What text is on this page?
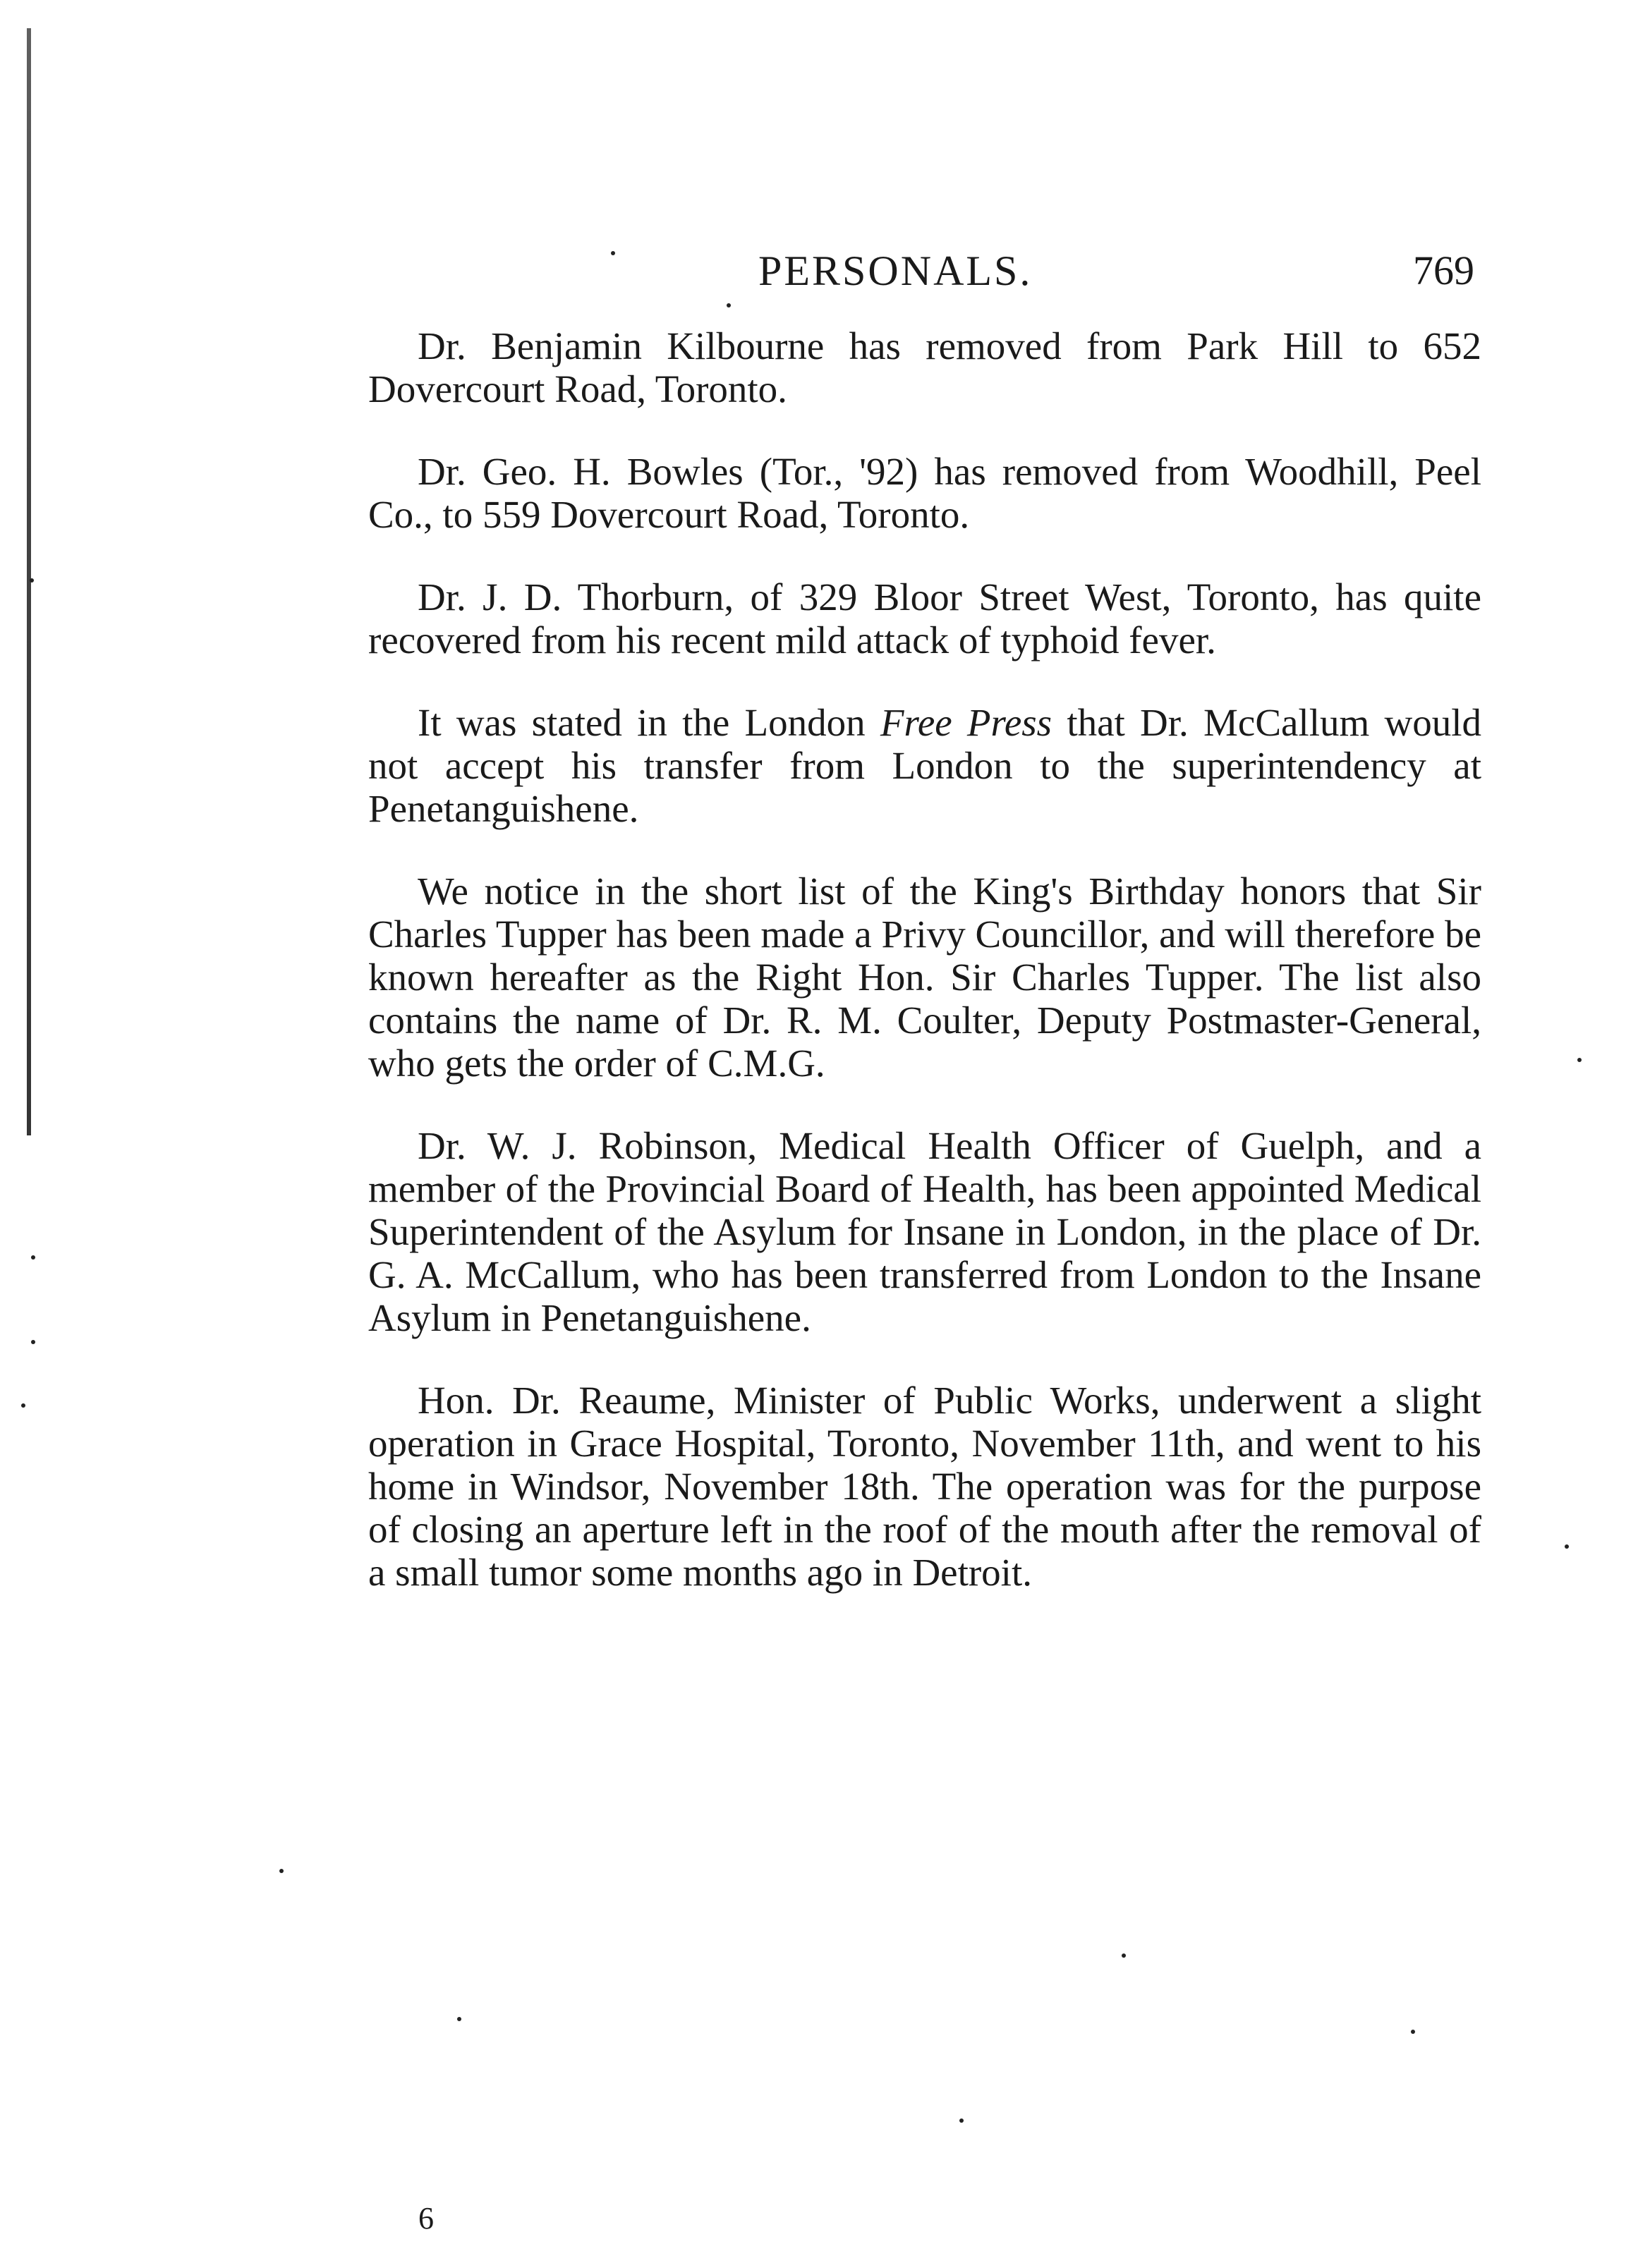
PERSONALS.	769

Dr. Benjamin Kilbourne has removed from Park Hill to 652 Dovercourt Road, Toronto.

Dr. Geo. H. Bowles (Tor., '92) has removed from Woodhill, Peel Co., to 559 Dovercourt Road, Toronto.

Dr. J. D. Thorburn, of 329 Bloor Street West, Toronto, has quite recovered from his recent mild attack of typhoid fever.

It was stated in the London Free Press that Dr. McCallum would not accept his transfer from London to the superintendency at Penetanguishene.

We notice in the short list of the King's Birthday honors that Sir Charles Tupper has been made a Privy Councillor, and will therefore be known hereafter as the Right Hon. Sir Charles Tupper. The list also contains the name of Dr. R. M. Coulter, Deputy Postmaster-General, who gets the order of C.M.G.

Dr. W. J. Robinson, Medical Health Officer of Guelph, and a member of the Provincial Board of Health, has been appointed Medical Superintendent of the Asylum for Insane in London, in the place of Dr. G. A. McCallum, who has been transferred from London to the Insane Asylum in Penetanguishene.

Hon. Dr. Reaume, Minister of Public Works, underwent a slight operation in Grace Hospital, Toronto, November 11th, and went to his home in Windsor, November 18th. The operation was for the purpose of closing an aperture left in the roof of the mouth after the removal of a small tumor some months ago in Detroit.

6
